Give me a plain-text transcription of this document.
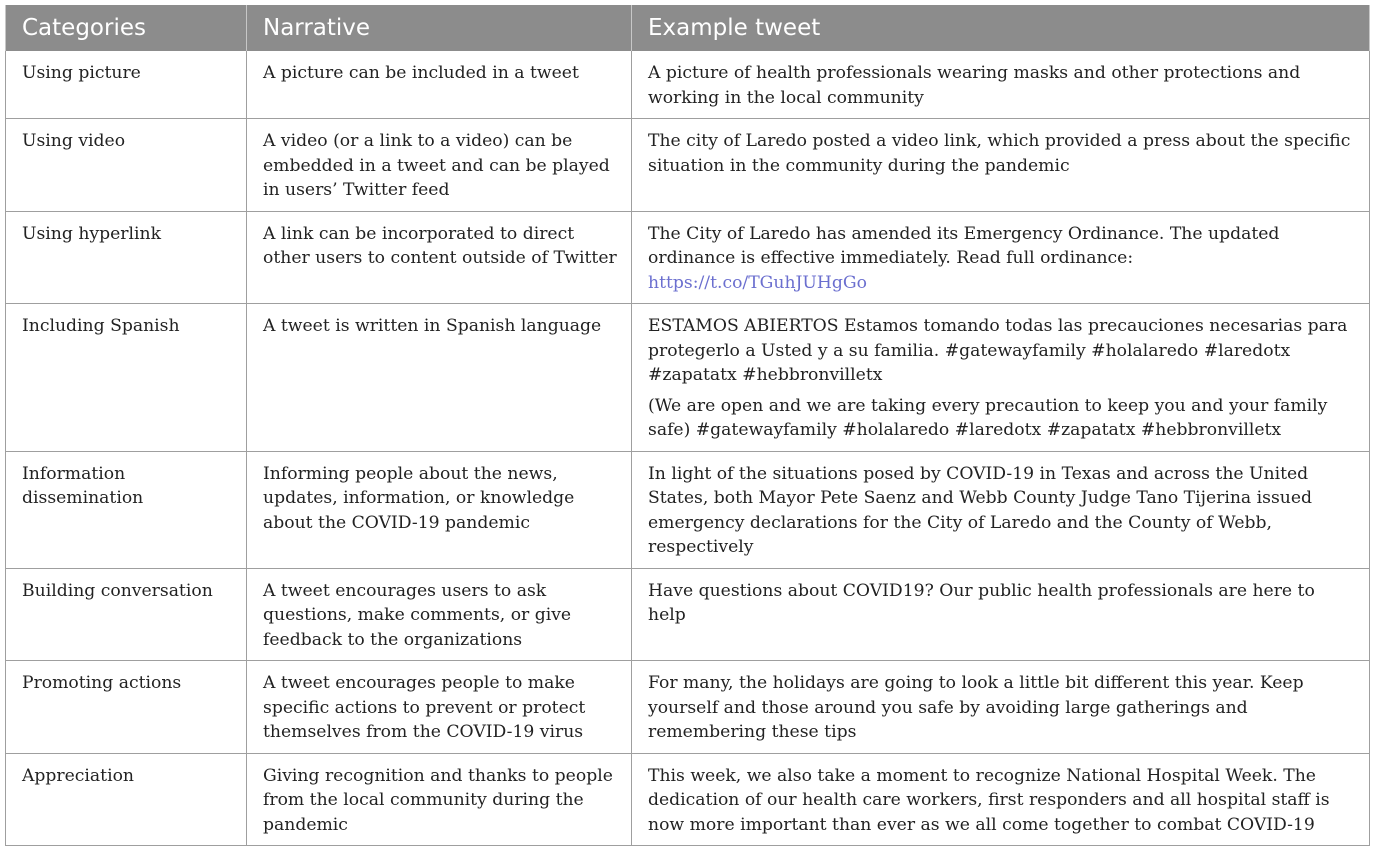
Categories	Narrative	Example tweet
Using picture	A picture can be included in a tweet	A picture of health professionals wearing masks and other protections and working in the local community
Using video	A video (or a link to a video) can be embedded in a tweet and can be played in users’ Twitter feed	The city of Laredo posted a video link, which provided a press about the specific situation in the community during the pandemic
Using hyperlink	A link can be incorporated to direct other users to content outside of Twitter	The City of Laredo has amended its Emergency Ordinance. The updated ordinance is effective immediately. Read full ordinance: https://t.co/TGuhJUHgGo
Including Spanish	A tweet is written in Spanish language	ESTAMOS ABIERTOS Estamos tomando todas las precauciones necesarias para protegerlo a Usted y a su familia. #gatewayfamily #holalaredo #laredotx #zapatatx #hebbronvilletx
(We are open and we are taking every precaution to keep you and your family safe) #gatewayfamily #holalaredo #laredotx #zapatatx #hebbronvilletx

Information dissemination	Informing people about the news, updates, information, or knowledge about the COVID-19 pandemic	In light of the situations posed by COVID-19 in Texas and across the United States, both Mayor Pete Saenz and Webb County Judge Tano Tijerina issued emergency declarations for the City of Laredo and the County of Webb, respectively
Building conversation	A tweet encourages users to ask questions, make comments, or give feedback to the organizations	Have questions about COVID19? Our public health professionals are here to help
Promoting actions	A tweet encourages people to make specific actions to prevent or protect themselves from the COVID-19 virus	For many, the holidays are going to look a little bit different this year. Keep yourself and those around you safe by avoiding large gatherings and remembering these tips
Appreciation	Giving recognition and thanks to people from the local community during the pandemic	This week, we also take a moment to recognize National Hospital Week. The dedication of our health care workers, first responders and all hospital staff is now more important than ever as we all come together to combat COVID-19
